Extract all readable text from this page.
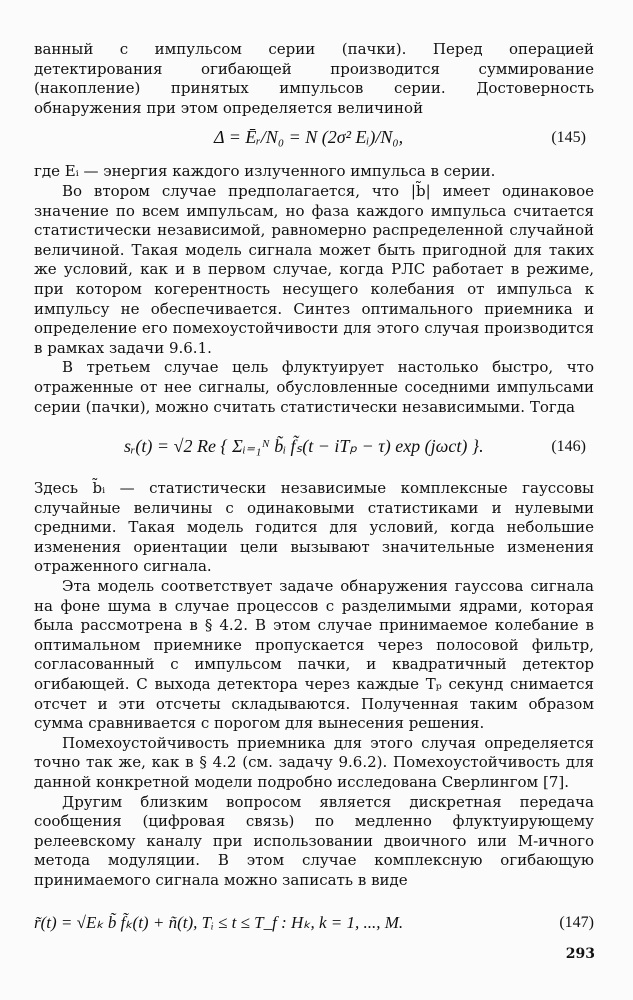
ванный с импульсом серии (пачки). Перед операцией детектирования огибающей производится суммирование (накопление) принятых импульсов серии. Достоверность обнаружения при этом определяется величиной

Δ = Ēᵣ/N₀ = N (2σ² Eᵢ)/N₀,	(145)

где Eᵢ — энергия каждого излученного импульса в серии.

Во втором случае предполагается, что |b̃| имеет одинаковое значение по всем импульсам, но фаза каждого импульса считается статистически независимой, равномерно распределенной случайной величиной. Такая модель сигнала может быть пригодной для таких же условий, как и в первом случае, когда РЛС работает в режиме, при котором когерентность несущего колебания от импульса к импульсу не обеспечивается. Синтез оптимального приемника и определение его помехоустойчивости для этого случая производится в рамках задачи 9.6.1.

В третьем случае цель флуктуирует настолько быстро, что отраженные от нее сигналы, обусловленные соседними импульсами серии (пачки), можно считать статистически независимыми. Тогда

sᵣ(t) = √2 Re { Σᵢ₌₁ᴺ b̃ᵢ f̃ₛ(t − iTₚ − τ) exp (jωct) }.	(146)

Здесь b̃ᵢ — статистически независимые комплексные гауссовы случайные величины с одинаковыми статистиками и нулевыми средними. Такая модель годится для условий, когда небольшие изменения ориентации цели вызывают значительные изменения отраженного сигнала.

Эта модель соответствует задаче обнаружения гауссова сигнала на фоне шума в случае процессов с разделимыми ядрами, которая была рассмотрена в § 4.2. В этом случае принимаемое колебание в оптимальном приемнике пропускается через полосовой фильтр, согласованный с импульсом пачки, и квадратичный детектор огибающей. С выхода детектора через каждые Tₚ секунд снимается отсчет и эти отсчеты складываются. Полученная таким образом сумма сравнивается с порогом для вынесения решения.

Помехоустойчивость приемника для этого случая определяется точно так же, как в § 4.2 (см. задачу 9.6.2). Помехоустойчивость для данной конкретной модели подробно исследована Сверлингом [7].

Другим близким вопросом является дискретная передача сообщения (цифровая связь) по медленно флуктуирующему релеевскому каналу при использовании двоичного или M-ичного метода модуляции. В этом случае комплексную огибающую принимаемого сигнала можно записать в виде

r̃(t) = √Eₖ b̃ f̃ₖ(t) + ñ(t), Tᵢ ≤ t ≤ T_f : Hₖ, k = 1, ..., M.	(147)
293
